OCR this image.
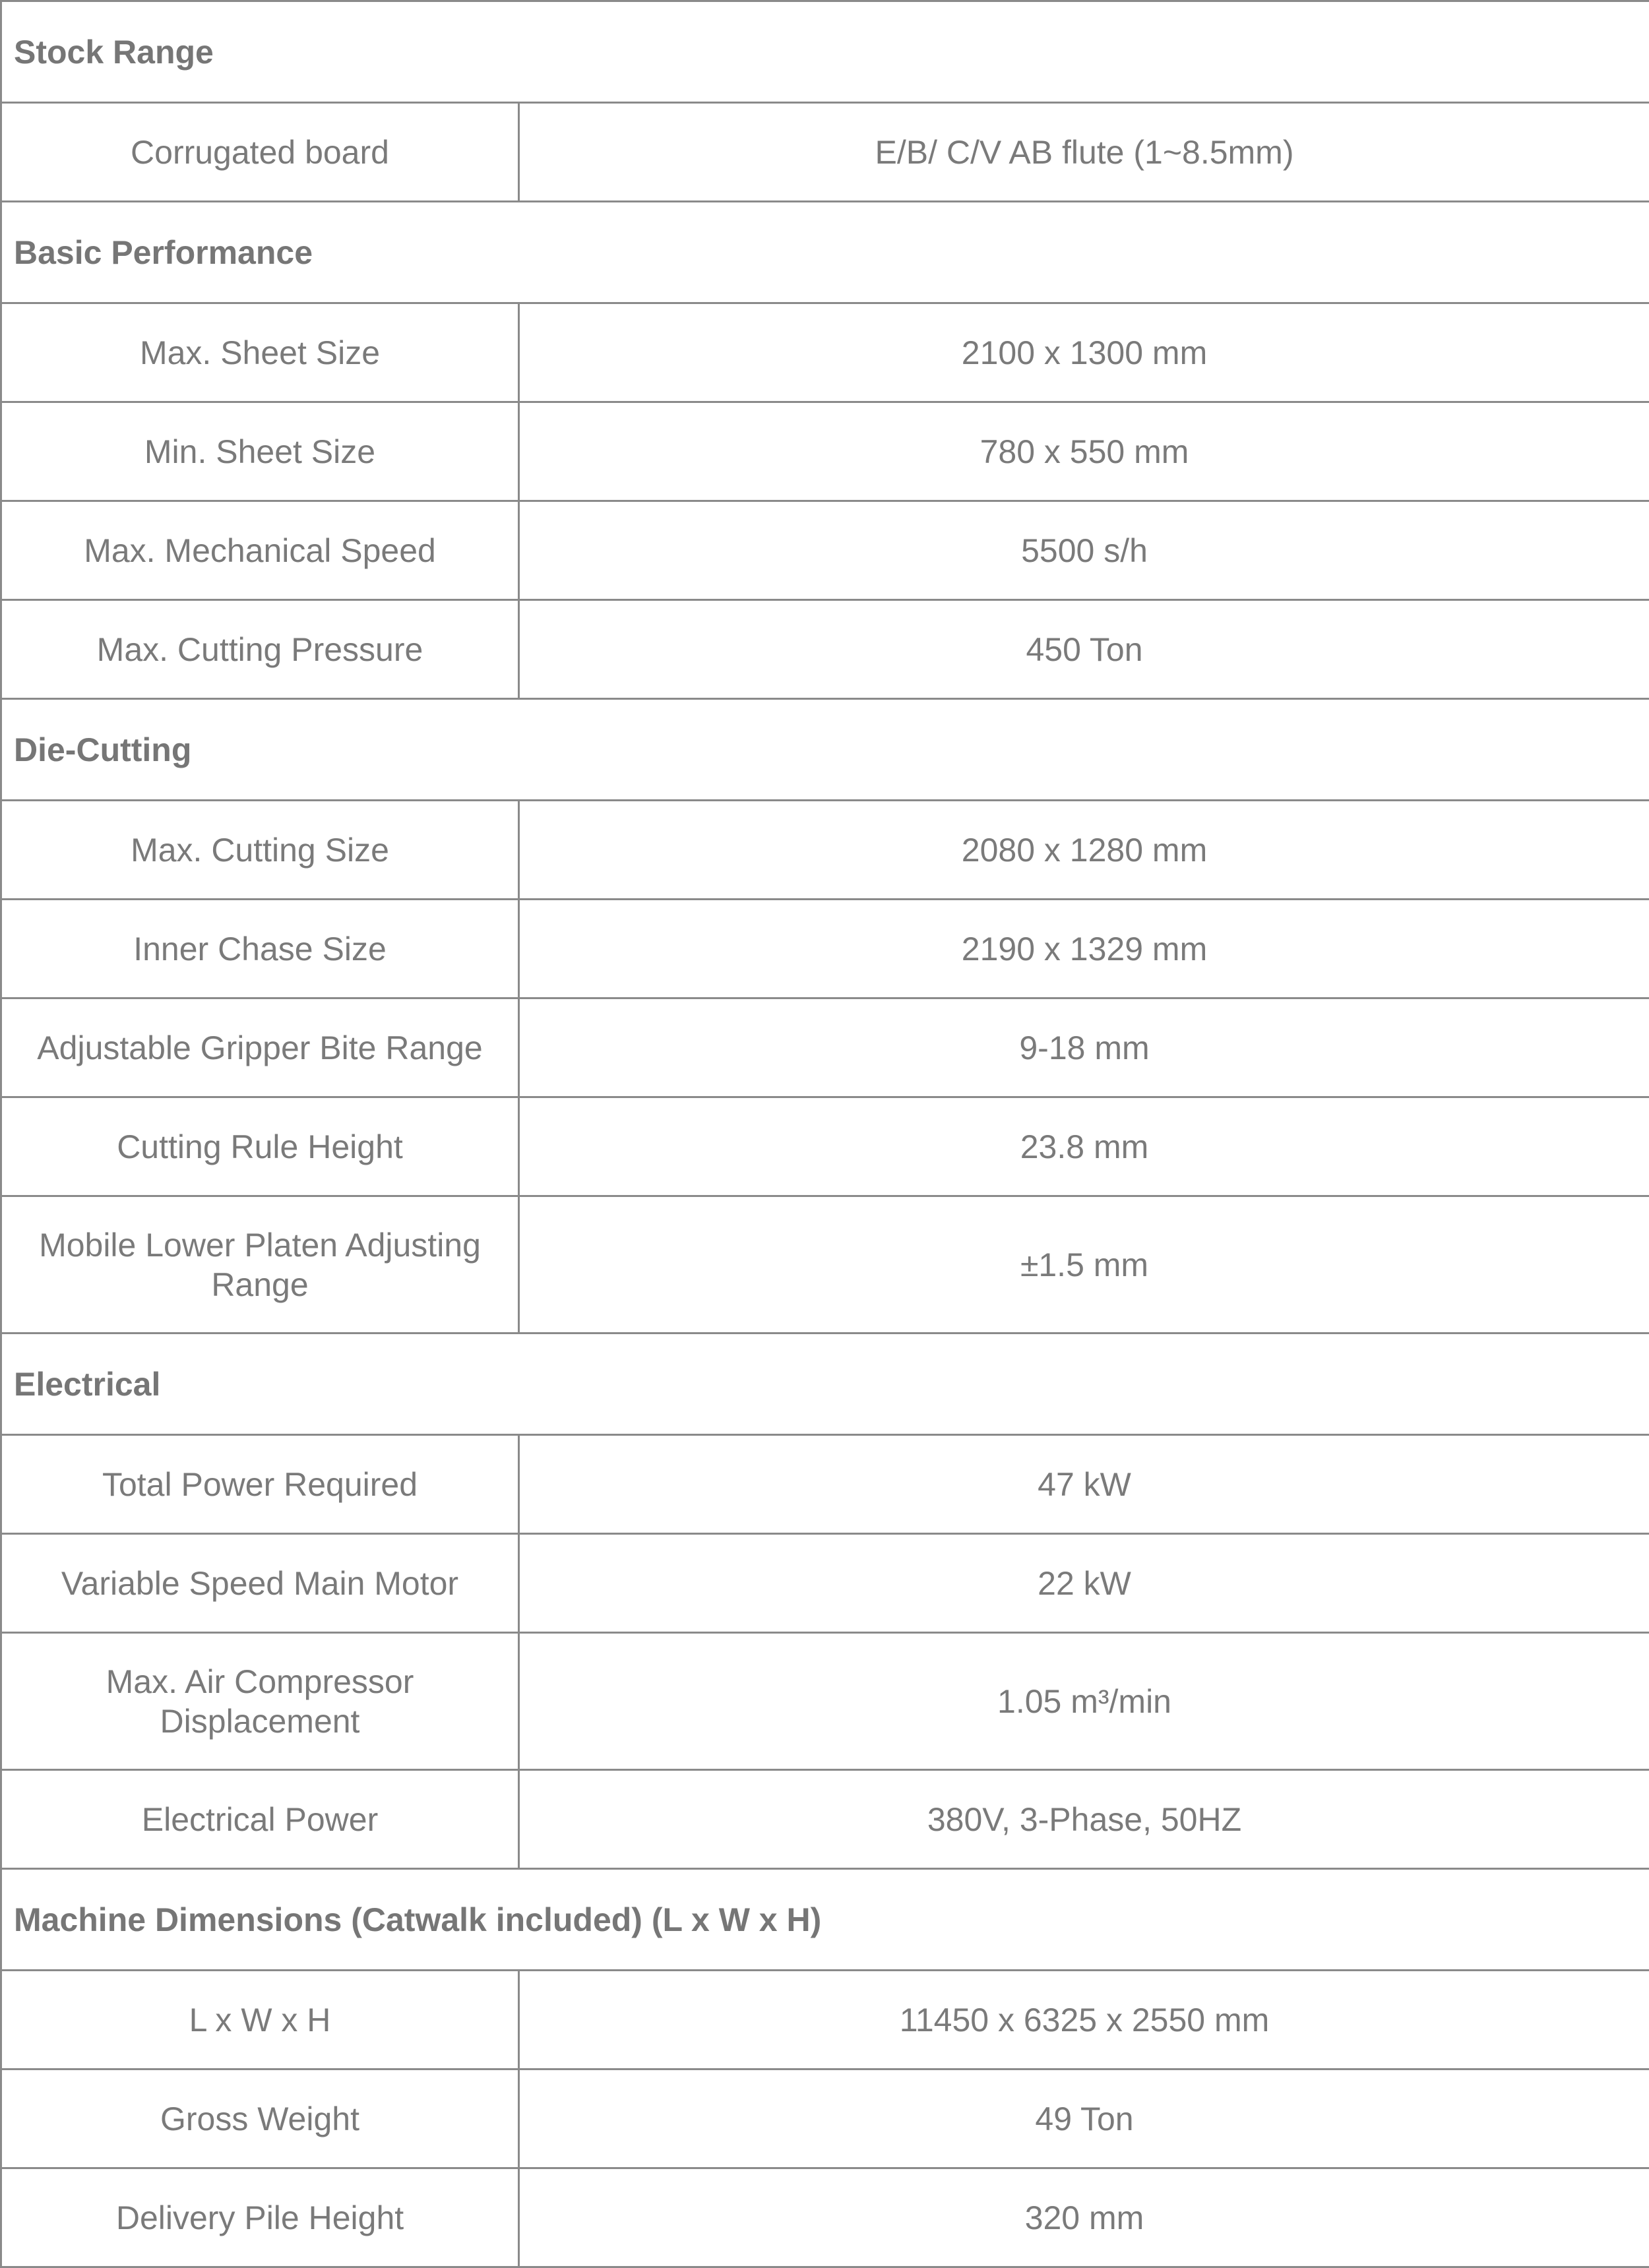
Stock Range	
Corrugated board	E/B/ C/V AB flute (1~8.5mm)
Basic Performance	
Max. Sheet Size	2100 x 1300 mm
Min. Sheet Size	780 x 550 mm
Max. Mechanical Speed	5500 s/h
Max. Cutting Pressure	450 Ton
Die-Cutting	
Max. Cutting Size	2080 x 1280 mm
Inner Chase Size	2190 x 1329 mm
Adjustable Gripper Bite Range	9-18 mm
Cutting Rule Height	23.8 mm
Mobile Lower Platen Adjusting Range	±1.5 mm
Electrical	
Total Power Required	47 kW
Variable Speed Main Motor	22 kW
Max. Air Compressor Displacement	1.05 m³/min
Electrical Power	380V, 3-Phase, 50HZ
Machine Dimensions (Catwalk included) (L x W x H)	
L x W x H	11450 x 6325 x 2550 mm
Gross Weight	49 Ton
Delivery Pile Height	320 mm
